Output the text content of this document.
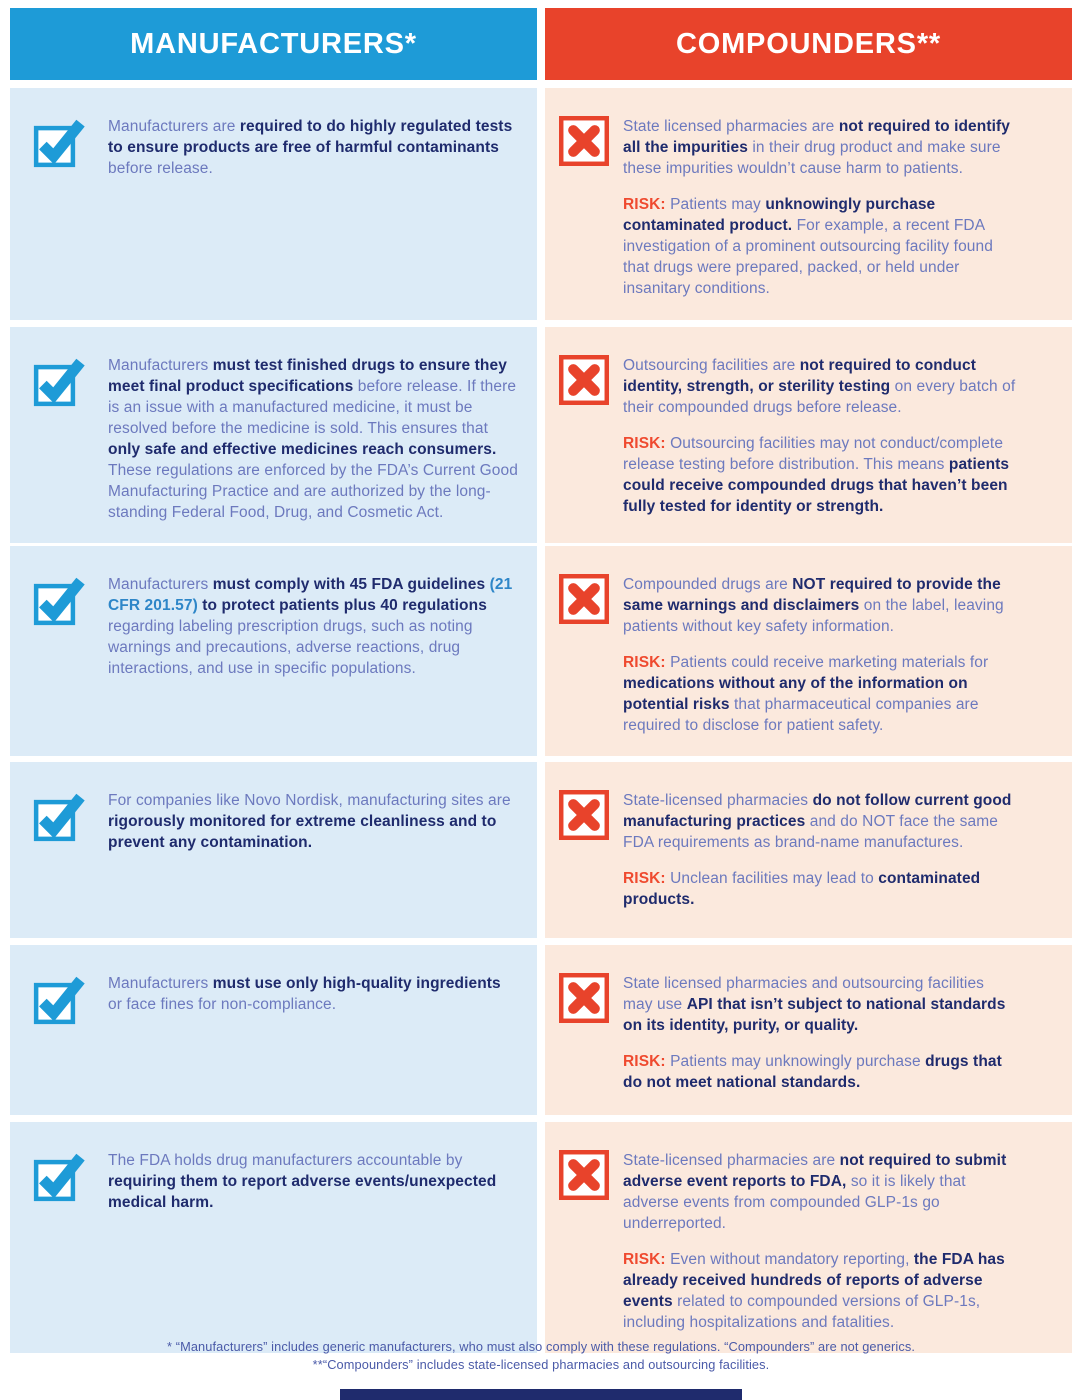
MANUFACTURERS*	COMPOUNDERS**

Manufacturers are required to do highly regulated tests to ensure products are free of harmful contaminants before release.

State licensed pharmacies are not required to identify all the impurities in their drug product and make sure these impurities wouldn’t cause harm to patients.

RISK: Patients may unknowingly purchase contaminated product. For example, a recent FDA investigation of a prominent outsourcing facility found that drugs were prepared, packed, or held under insanitary conditions.

Manufacturers must test finished drugs to ensure they meet final product specifications before release. If there is an issue with a manufactured medicine, it must be resolved before the medicine is sold. This ensures that only safe and effective medicines reach consumers. These regulations are enforced by the FDA’s Current Good Manufacturing Practice and are authorized by the long-standing Federal Food, Drug, and Cosmetic Act.

Outsourcing facilities are not required to conduct identity, strength, or sterility testing on every batch of their compounded drugs before release.

RISK: Outsourcing facilities may not conduct/complete release testing before distribution. This means patients could receive compounded drugs that haven’t been fully tested for identity or strength.

Manufacturers must comply with 45 FDA guidelines (21 CFR 201.57) to protect patients plus 40 regulations regarding labeling prescription drugs, such as noting warnings and precautions, adverse reactions, drug interactions, and use in specific populations.

Compounded drugs are NOT required to provide the same warnings and disclaimers on the label, leaving patients without key safety information.

RISK: Patients could receive marketing materials for medications without any of the information on potential risks that pharmaceutical companies are required to disclose for patient safety.

For companies like Novo Nordisk, manufacturing sites are rigorously monitored for extreme cleanliness and to prevent any contamination.

State-licensed pharmacies do not follow current good manufacturing practices and do NOT face the same FDA requirements as brand-name manufactures.

RISK: Unclean facilities may lead to contaminated products.

Manufacturers must use only high-quality ingredients or face fines for non-compliance.

State licensed pharmacies and outsourcing facilities may use API that isn’t subject to national standards on its identity, purity, or quality.

RISK: Patients may unknowingly purchase drugs that do not meet national standards.

The FDA holds drug manufacturers accountable by requiring them to report adverse events/unexpected medical harm.

State-licensed pharmacies are not required to submit adverse event reports to FDA, so it is likely that adverse events from compounded GLP-1s go underreported.

RISK: Even without mandatory reporting, the FDA has already received hundreds of reports of adverse events related to compounded versions of GLP-1s, including hospitalizations and fatalities.

* “Manufacturers” includes generic manufacturers, who must also comply with these regulations. “Compounders” are not generics.

**“Compounders” includes state-licensed pharmacies and outsourcing facilities.
